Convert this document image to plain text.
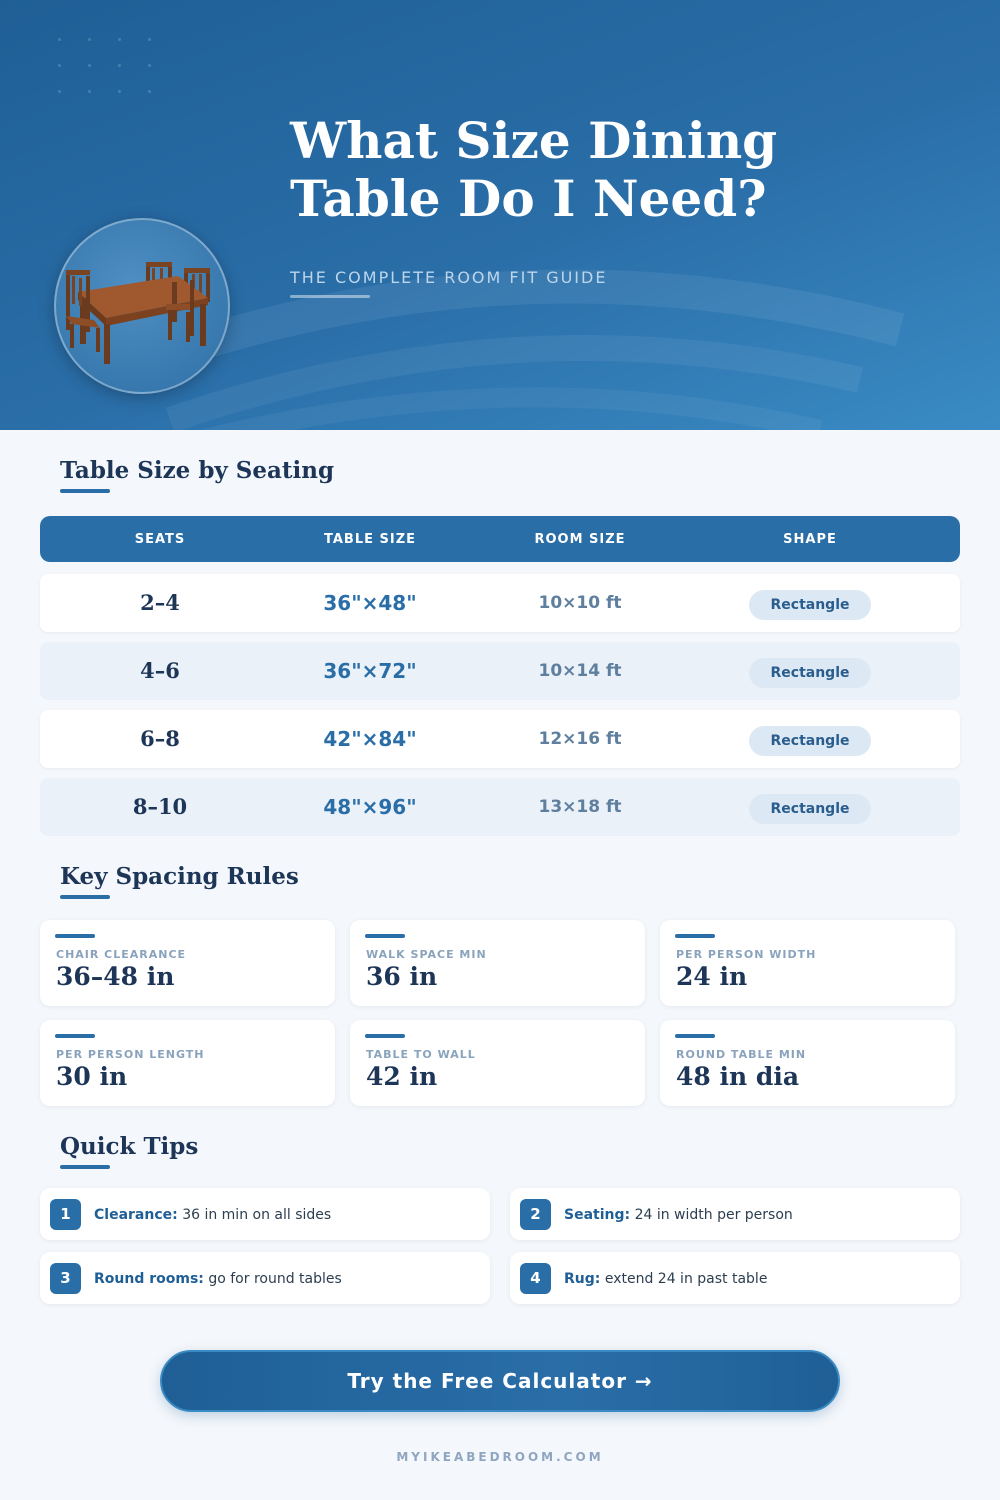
What Size Dining
Table Do I Need?
THE COMPLETE ROOM FIT GUIDE
Table Size by Seating
SEATS	TABLE SIZE	ROOM SIZE	SHAPE
2–4	36"×48"	10×10 ft	Rectangle
4–6	36"×72"	10×14 ft	Rectangle
6–8	42"×84"	12×16 ft	Rectangle
8–10	48"×96"	13×18 ft	Rectangle
Key Spacing Rules
CHAIR CLEARANCE
36–48 in
WALK SPACE MIN
36 in
PER PERSON WIDTH
24 in
PER PERSON LENGTH
30 in
TABLE TO WALL
42 in
ROUND TABLE MIN
48 in dia
Quick Tips
1	Clearance: 36 in min on all sides	2	Seating: 24 in width per person
3	Round rooms: go for round tables	4	Rug: extend 24 in past table
Try the Free Calculator →
MYIKEABEDROOM.COM
